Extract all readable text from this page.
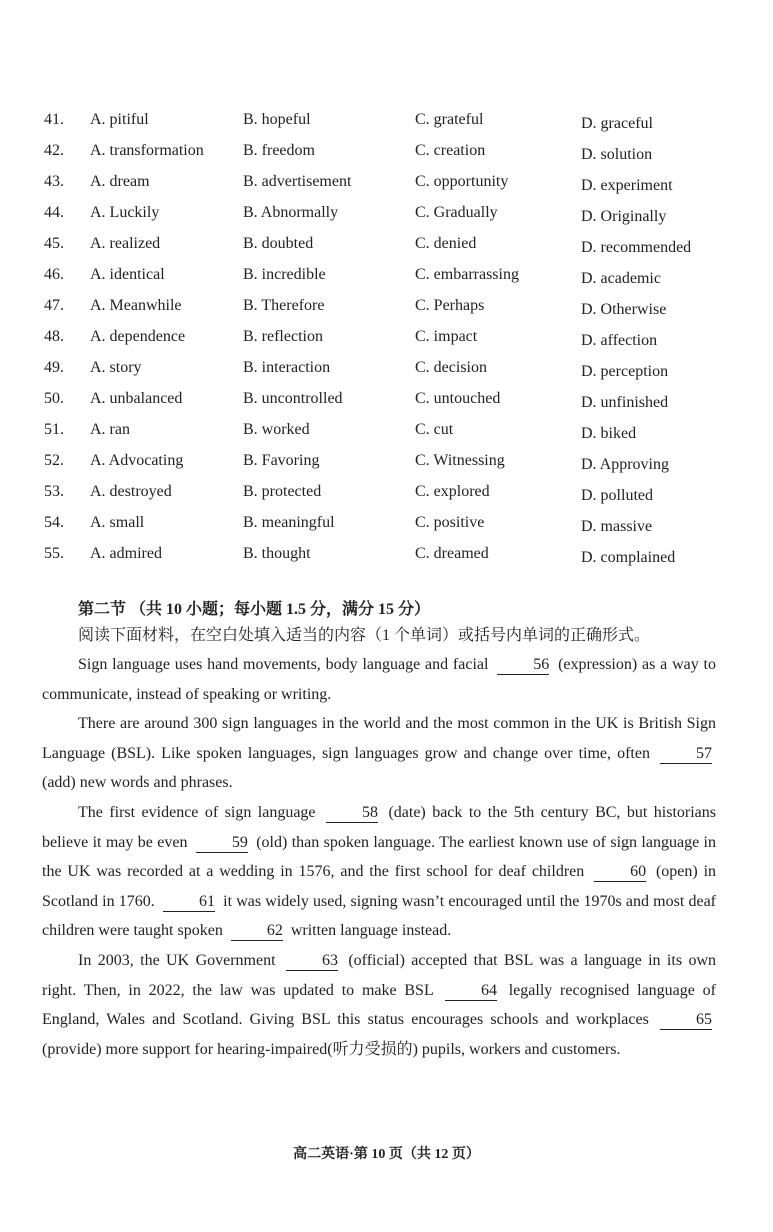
41. A. pitiful	B. hopeful	C. grateful	D. graceful
42. A. transformation B. freedom	C. creation	D. solution
43. A. dream	B. advertisement	C. opportunity	D. experiment
44. A. Luckily	B. Abnormally	C. Gradually	D. Originally
45. A. realized	B. doubted	C. denied	D. recommended
46. A. identical	B. incredible	C. embarrassing	D. academic
47. A. Meanwhile	B. Therefore	C. Perhaps	D. Otherwise
48. A. dependence	B. reflection	C. impact	D. affection
49. A. story	B. interaction	C. decision	D. perception
50. A. unbalanced	B. uncontrolled	C. untouched	D. unfinished
51. A. ran	B. worked	C. cut	D. biked
52. A. Advocating	B. Favoring	C. Witnessing	D. Approving
53. A. destroyed	B. protected	C. explored	D. polluted
54. A. small	B. meaningful	C. positive	D. massive
55. A. admired	B. thought	C. dreamed	D. complained
第二节 （共 10 小题；每小题 1.5 分，满分 15 分）
阅读下面材料，在空白处填入适当的内容（1 个单词）或括号内单词的正确形式。

Sign language uses hand movements, body language and facial	56 (expression) as a way to communicate, instead of speaking or writing.

There are around 300 sign languages in the world and the most common in the UK is British Sign Language (BSL). Like spoken languages, sign languages grow and change over time, often	57 (add) new words and phrases.

The first evidence of sign language	58 (date) back to the 5th century BC, but historians believe it may be even	59 (old) than spoken language. The earliest known use of sign language in the UK was recorded at a wedding in 1576, and the first school for deaf children	60 (open) in Scotland in 1760.	61 it was widely used, signing wasn’t encouraged until the 1970s and most deaf children were taught spoken	62 written language instead.

In 2003, the UK Government	63 (official) accepted that BSL was a language in its own right. Then, in 2022, the law was updated to make BSL	64 legally recognised language of England, Wales and Scotland. Giving BSL this status encourages schools and workplaces	65 (provide) more support for hearing-impaired(听力受损的) pupils, workers and customers.

高二英语·第 10 页（共 12 页）
